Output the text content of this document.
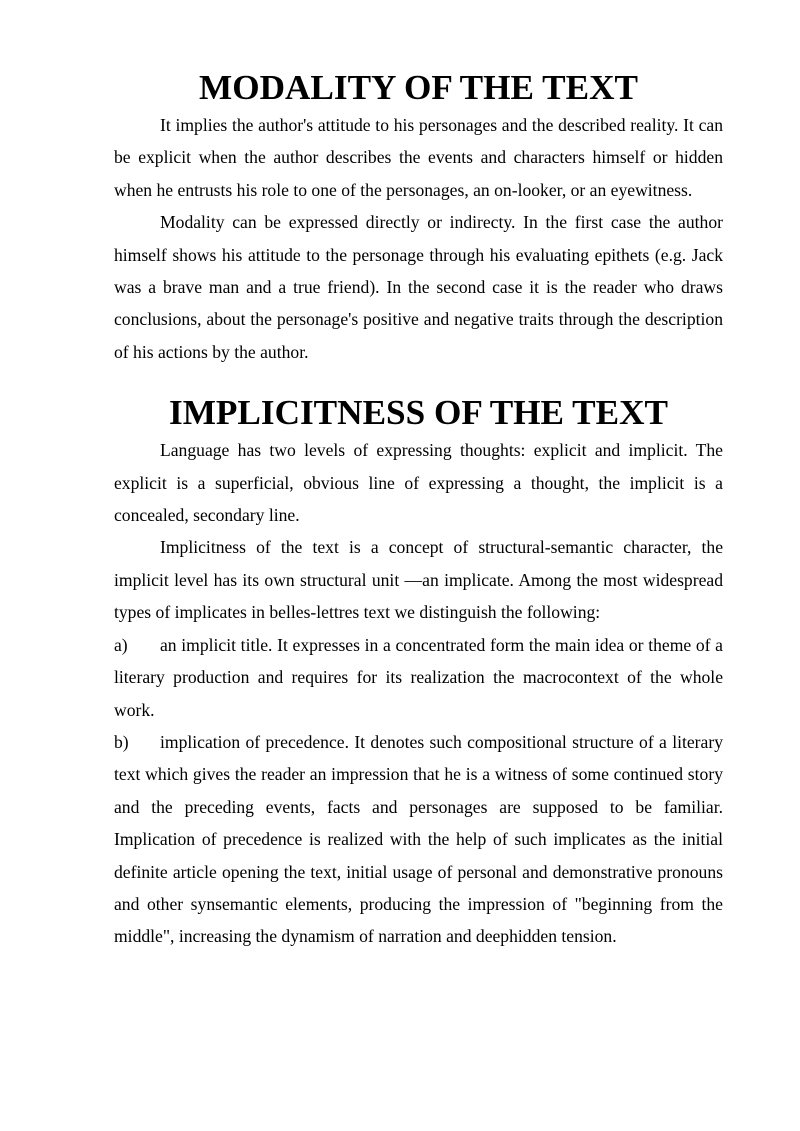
MODALITY OF THE TEXT

It implies the author's attitude to his personages and the described reality. It can be explicit when the author describes the events and characters himself or hidden when he entrusts his role to one of the personages, an on-looker, or an eyewitness.

Modality can be expressed directly or indirecty. In the first case the author himself shows his attitude to the personage through his evaluating epithets (e.g. Jack was a brave man and a true friend). In the second case it is the reader who draws conclusions, about the personage's positive and negative traits through the description of his actions by the author.

IMPLICITNESS OF THE TEXT

Language has two levels of expressing thoughts: explicit and implicit. The explicit is a superficial, obvious line of expressing a thought, the implicit is a concealed, secondary line.

Implicitness of the text is a concept of structural-semantic character, the implicit level has its own structural unit —an implicate. Among the most widespread types of implicates in belles-lettres text we distinguish the following:

a) an implicit title. It expresses in a concentrated form the main idea or theme of a literary production and requires for its realization the macrocontext of the whole work.

b) implication of precedence. It denotes such compositional structure of a literary text which gives the reader an impression that he is a witness of some continued story and the preceding events, facts and personages are supposed to be familiar. Implication of precedence is realized with the help of such implicates as the initial definite article opening the text, initial usage of personal and demonstrative pronouns and other synsemantic elements, producing the impression of "beginning from the middle", increasing the dynamism of narration and deephidden tension.
